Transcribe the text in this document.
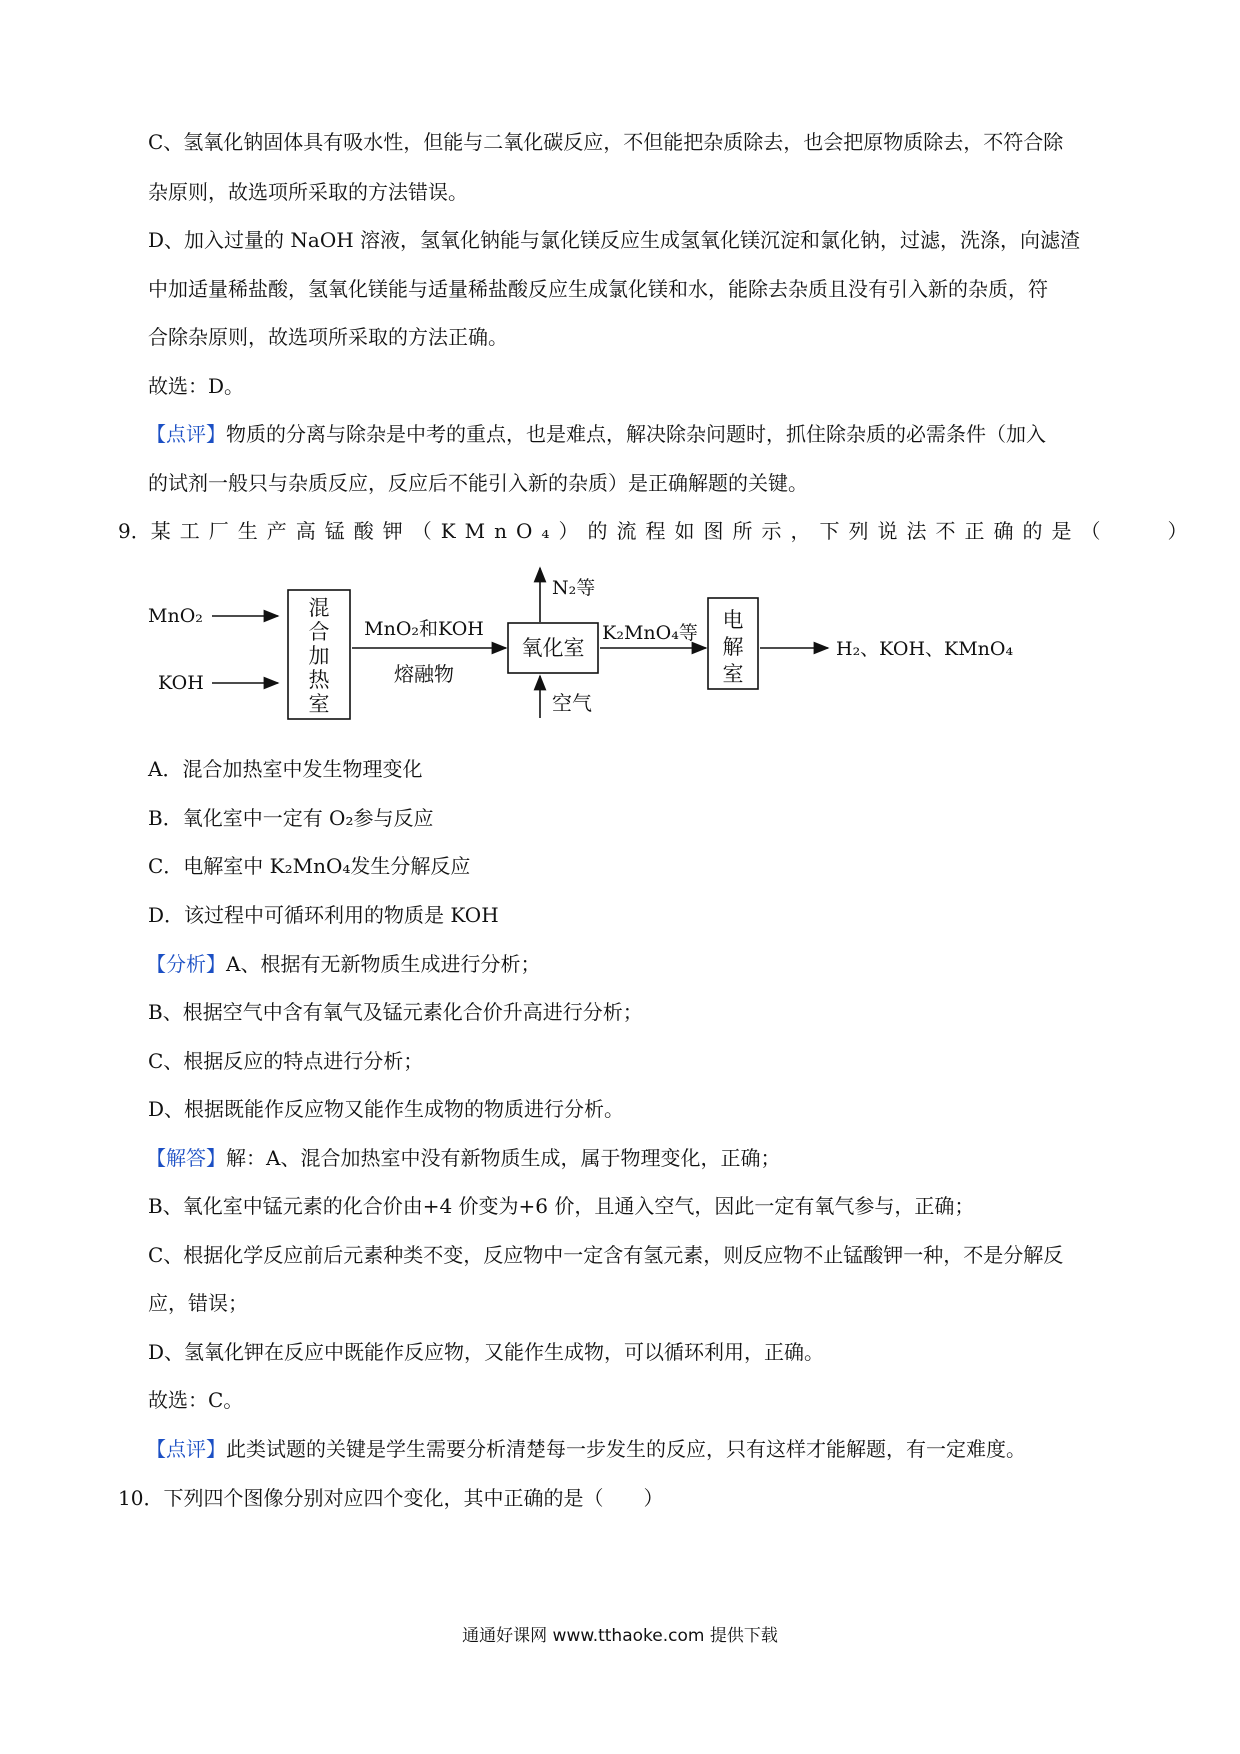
C、氢氧化钠固体具有吸水性，但能与二氧化碳反应，不但能把杂质除去，也会把原物质除去，不符合除
杂原则，故选项所采取的方法错误。
D、加入过量的 NaOH 溶液，氢氧化钠能与氯化镁反应生成氢氧化镁沉淀和氯化钠，过滤，洗涤，向滤渣
中加适量稀盐酸，氢氧化镁能与适量稀盐酸反应生成氯化镁和水，能除去杂质且没有引入新的杂质，符
合除杂原则，故选项所采取的方法正确。
故选：D。
【点评】物质的分离与除杂是中考的重点，也是难点，解决除杂问题时，抓住除杂质的必需条件（加入
的试剂一般只与杂质反应，反应后不能引入新的杂质）是正确解题的关键。
9．某工厂生产高锰酸钾（KMnO₄）的流程如图所示，下列说法不正确的是（　　）
MnO₂
KOH
混
合
加
热
室
MnO₂和KOH
熔融物
氧化室
N₂等
空气
K₂MnO₄等
电
解
室
H₂、KOH、KMnO₄
A．混合加热室中发生物理变化
B．氧化室中一定有 O₂参与反应
C．电解室中 K₂MnO₄发生分解反应
D．该过程中可循环利用的物质是 KOH
【分析】A、根据有无新物质生成进行分析；
B、根据空气中含有氧气及锰元素化合价升高进行分析；
C、根据反应的特点进行分析；
D、根据既能作反应物又能作生成物的物质进行分析。
【解答】解：A、混合加热室中没有新物质生成，属于物理变化，正确；
B、氧化室中锰元素的化合价由+4 价变为+6 价，且通入空气，因此一定有氧气参与，正确；
C、根据化学反应前后元素种类不变，反应物中一定含有氢元素，则反应物不止锰酸钾一种，不是分解反
应，错误；
D、氢氧化钾在反应中既能作反应物，又能作生成物，可以循环利用，正确。
故选：C。
【点评】此类试题的关键是学生需要分析清楚每一步发生的反应，只有这样才能解题，有一定难度。
10．下列四个图像分别对应四个变化，其中正确的是（　　）
通通好课网 www.tthaoke.com 提供下载
